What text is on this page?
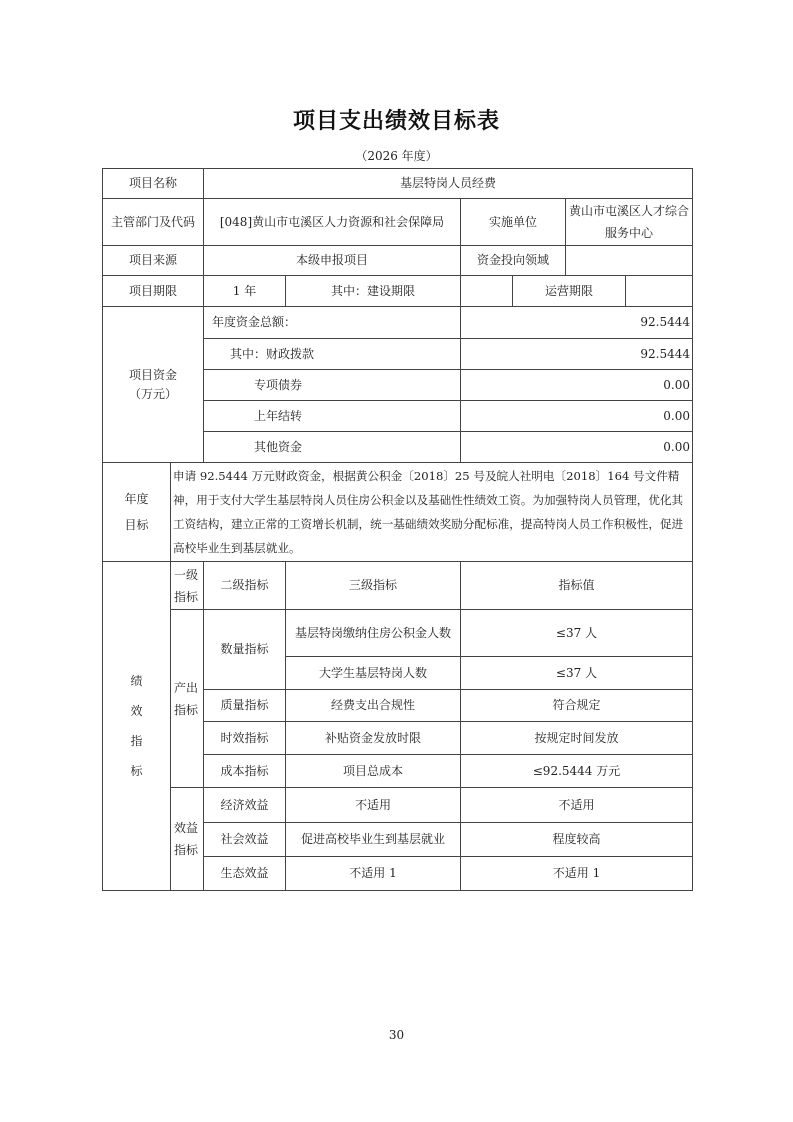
项目支出绩效目标表
（2026 年度）
项目名称		基层特岗人员经费					
主管部门及代码		[048]黄山市屯溪区人力资源和社会保障局		实施单位		黄山市屯溪区人才综合服务中心	
项目来源		本级申报项目		资金投向领域			
项目期限		1 年	其中：建设期限		运营期限		

项目资金
（万元）		年度资金总额：		92.5444			
		其中：财政拨款		92.5444			
		专项债券		0.00			
		上年结转		0.00			
		其他资金		0.00			

年度
目标	申请 92.5444 万元财政资金，根据黄公积金〔2018〕25 号及皖人社明电〔2018〕164 号文件精神，用于支付大学生基层特岗人员住房公积金以及基础性性绩效工资。为加强特岗人员管理，优化其工资结构，建立正常的工资增长机制，统一基础绩效奖励分配标准，提高特岗人员工作积极性，促进高校毕业生到基层就业。						

绩
效
指
标	一级指标	二级指标	三级指标	指标值			
	产出指标	数量指标	基层特岗缴纳住房公积金人数	≤37 人			
			大学生基层特岗人数	≤37 人			
		质量指标	经费支出合规性	符合规定			
		时效指标	补贴资金发放时限	按规定时间发放			
		成本指标	项目总成本	≤92.5444 万元			
	效益指标	经济效益	不适用	不适用			
		社会效益	促进高校毕业生到基层就业	程度较高			
		生态效益	不适用 1	不适用 1			
30
